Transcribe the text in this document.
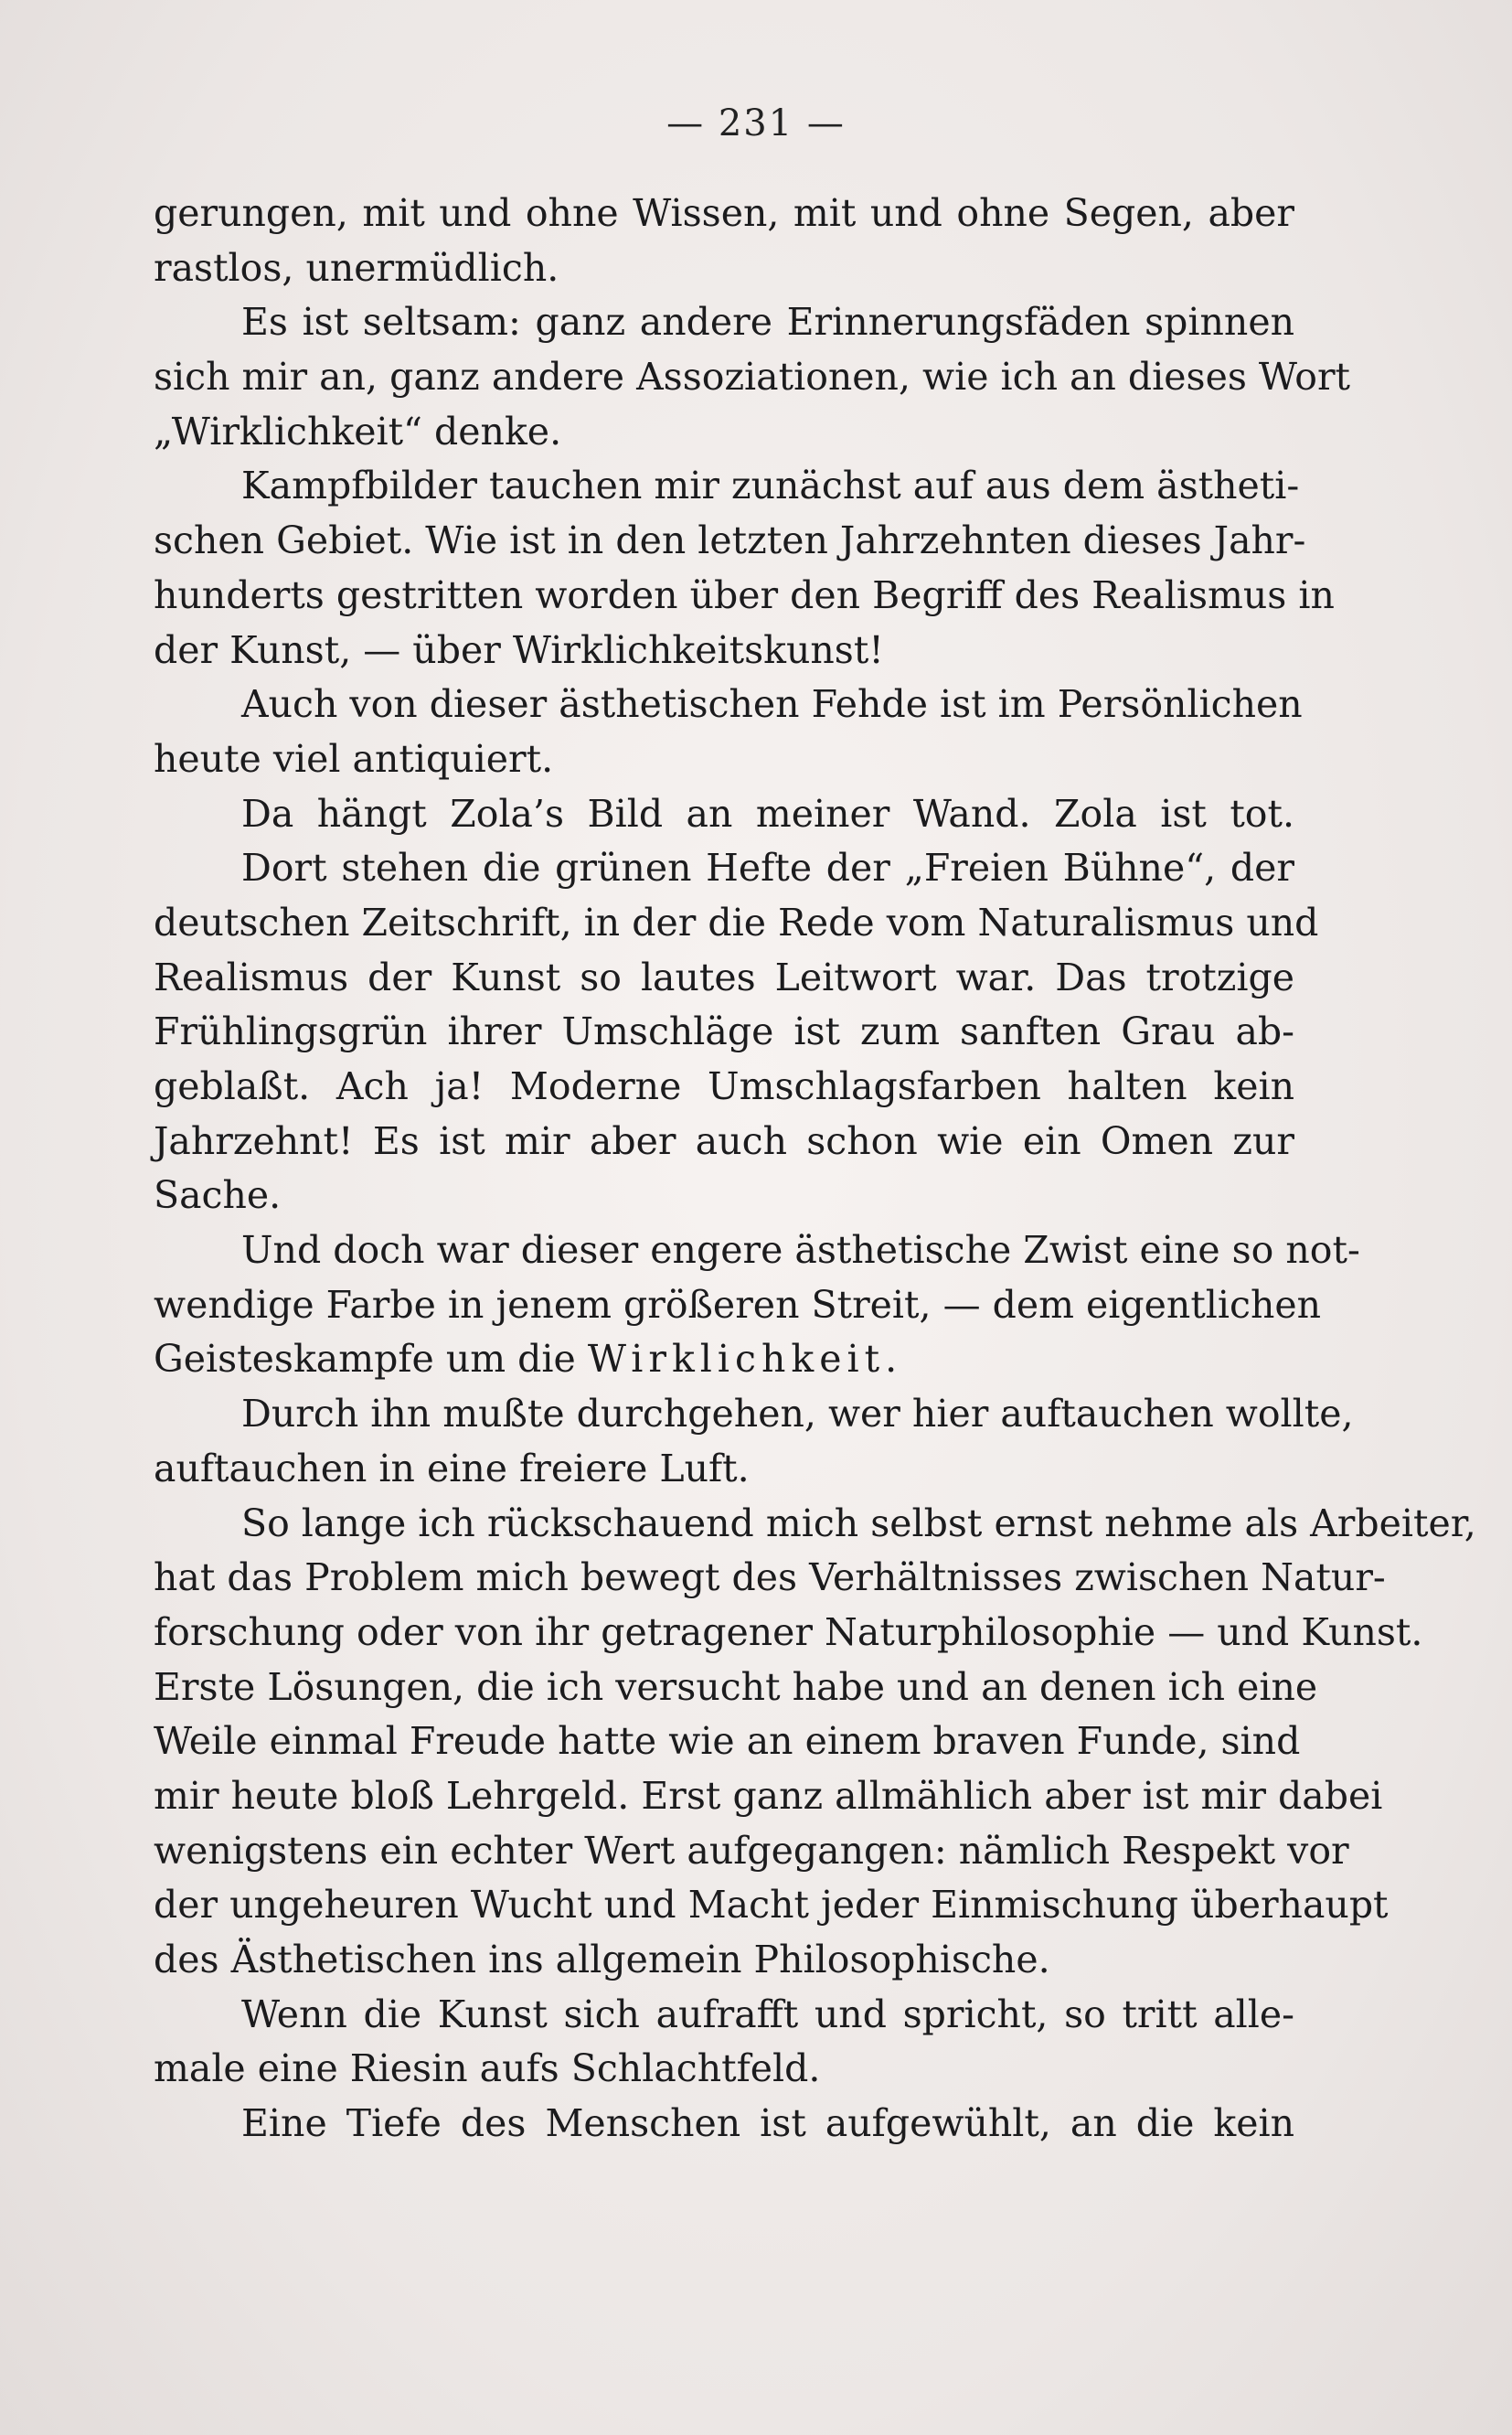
— 231 —
gerungen, mit und ohne Wissen, mit und ohne Segen, aber
rastlos, unermüdlich.
Es ist seltsam: ganz andere Erinnerungsfäden spinnen
sich mir an, ganz andere Assoziationen, wie ich an dieses Wort
„Wirklichkeit“ denke.
Kampfbilder tauchen mir zunächst auf aus dem ästheti-
schen Gebiet. Wie ist in den letzten Jahrzehnten dieses Jahr-
hunderts gestritten worden über den Begriff des Realismus in
der Kunst, — über Wirklichkeitskunst!
Auch von dieser ästhetischen Fehde ist im Persönlichen
heute viel antiquiert.
Da hängt Zola’s Bild an meiner Wand. Zola ist tot.
Dort stehen die grünen Hefte der „Freien Bühne“, der
deutschen Zeitschrift, in der die Rede vom Naturalismus und
Realismus der Kunst so lautes Leitwort war. Das trotzige
Frühlingsgrün ihrer Umschläge ist zum sanften Grau ab-
geblaßt. Ach ja! Moderne Umschlagsfarben halten kein
Jahrzehnt! Es ist mir aber auch schon wie ein Omen zur
Sache.
Und doch war dieser engere ästhetische Zwist eine so not-
wendige Farbe in jenem größeren Streit, — dem eigentlichen
Geisteskampfe um die Wirklichkeit.
Durch ihn mußte durchgehen, wer hier auftauchen wollte,
auftauchen in eine freiere Luft.
So lange ich rückschauend mich selbst ernst nehme als Arbeiter,
hat das Problem mich bewegt des Verhältnisses zwischen Natur-
forschung oder von ihr getragener Naturphilosophie — und Kunst.
Erste Lösungen, die ich versucht habe und an denen ich eine
Weile einmal Freude hatte wie an einem braven Funde, sind
mir heute bloß Lehrgeld. Erst ganz allmählich aber ist mir dabei
wenigstens ein echter Wert aufgegangen: nämlich Respekt vor
der ungeheuren Wucht und Macht jeder Einmischung überhaupt
des Ästhetischen ins allgemein Philosophische.
Wenn die Kunst sich aufrafft und spricht, so tritt alle-
male eine Riesin aufs Schlachtfeld.
Eine Tiefe des Menschen ist aufgewühlt, an die kein
